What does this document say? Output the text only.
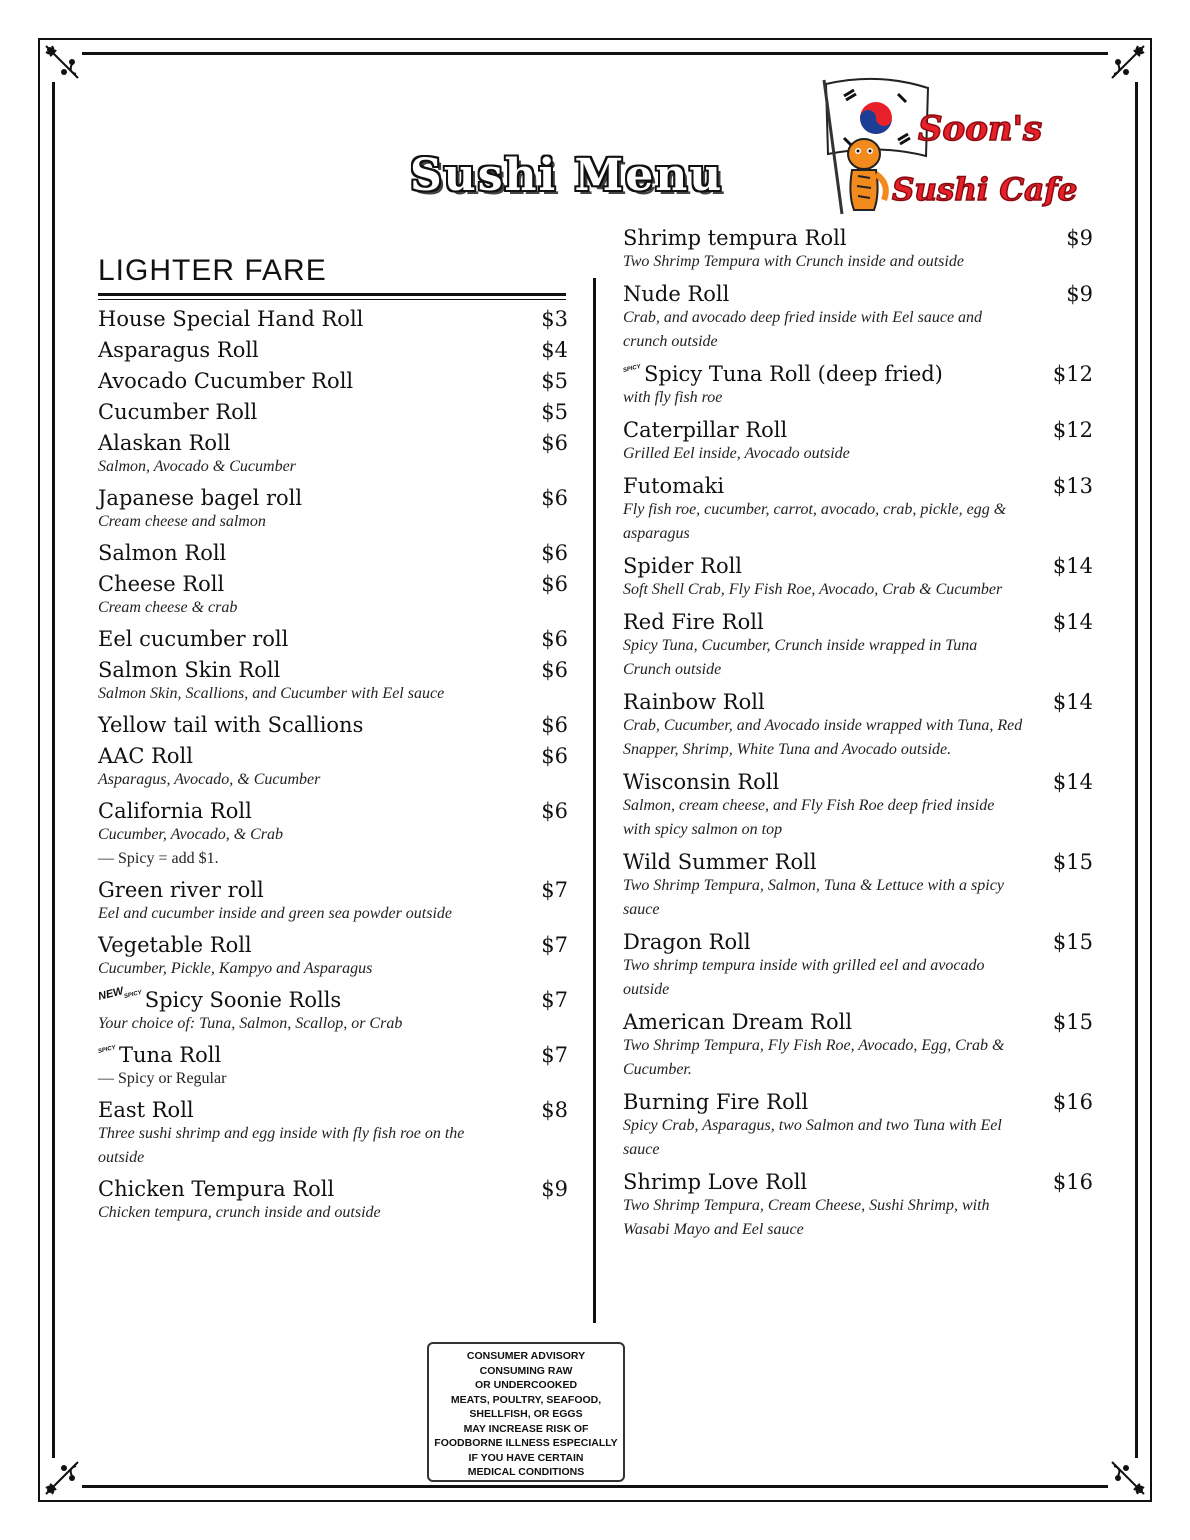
Sushi Menu
Soon's
Sushi Cafe
LIGHTER FARE
House Special Hand Roll	$3
Asparagus Roll	$4
Avocado Cucumber Roll	$5
Cucumber Roll	$5
Alaskan Roll	$6
Salmon, Avocado & Cucumber
Japanese bagel roll	$6
Cream cheese and salmon
Salmon Roll	$6
Cheese Roll	$6
Cream cheese & crab
Eel cucumber roll	$6
Salmon Skin Roll	$6
Salmon Skin, Scallions, and Cucumber with Eel sauce
Yellow tail with Scallions	$6
AAC Roll	$6
Asparagus, Avocado, & Cucumber
California Roll	$6
Cucumber, Avocado, & Crab
— Spicy = add $1.
Green river roll	$7
Eel and cucumber inside and green sea powder outside
Vegetable Roll	$7
Cucumber, Pickle, Kampyo and Asparagus
NEWSPICY Spicy Soonie Rolls	$7
Your choice of: Tuna, Salmon, Scallop, or Crab
SPICY Tuna Roll	$7
— Spicy or Regular
East Roll	$8
Three sushi shrimp and egg inside with fly fish roe on the outside
Chicken Tempura Roll	$9
Chicken tempura, crunch inside and outside
Shrimp tempura Roll	$9
Two Shrimp Tempura with Crunch inside and outside
Nude Roll	$9
Crab, and avocado deep fried inside with Eel sauce and crunch outside
SPICY Spicy Tuna Roll (deep fried)	$12
with fly fish roe
Caterpillar Roll	$12
Grilled Eel inside, Avocado outside
Futomaki	$13
Fly fish roe, cucumber, carrot, avocado, crab, pickle, egg & asparagus
Spider Roll	$14
Soft Shell Crab, Fly Fish Roe, Avocado, Crab & Cucumber
Red Fire Roll	$14
Spicy Tuna, Cucumber, Crunch inside wrapped in Tuna Crunch outside
Rainbow Roll	$14
Crab, Cucumber, and Avocado inside wrapped with Tuna, Red Snapper, Shrimp, White Tuna and Avocado outside.
Wisconsin Roll	$14
Salmon, cream cheese, and Fly Fish Roe deep fried inside with spicy salmon on top
Wild Summer Roll	$15
Two Shrimp Tempura, Salmon, Tuna & Lettuce with a spicy sauce
Dragon Roll	$15
Two shrimp tempura inside with grilled eel and avocado outside
American Dream Roll	$15
Two Shrimp Tempura, Fly Fish Roe, Avocado, Egg, Crab & Cucumber.
Burning Fire Roll	$16
Spicy Crab, Asparagus, two Salmon and two Tuna with Eel sauce
Shrimp Love Roll	$16
Two Shrimp Tempura, Cream Cheese, Sushi Shrimp, with Wasabi Mayo and Eel sauce
CONSUMER ADVISORY
CONSUMING RAW
OR UNDERCOOKED
MEATS, POULTRY, SEAFOOD,
SHELLFISH, OR EGGS
MAY INCREASE RISK OF
FOODBORNE ILLNESS ESPECIALLY
IF YOU HAVE CERTAIN
MEDICAL CONDITIONS
